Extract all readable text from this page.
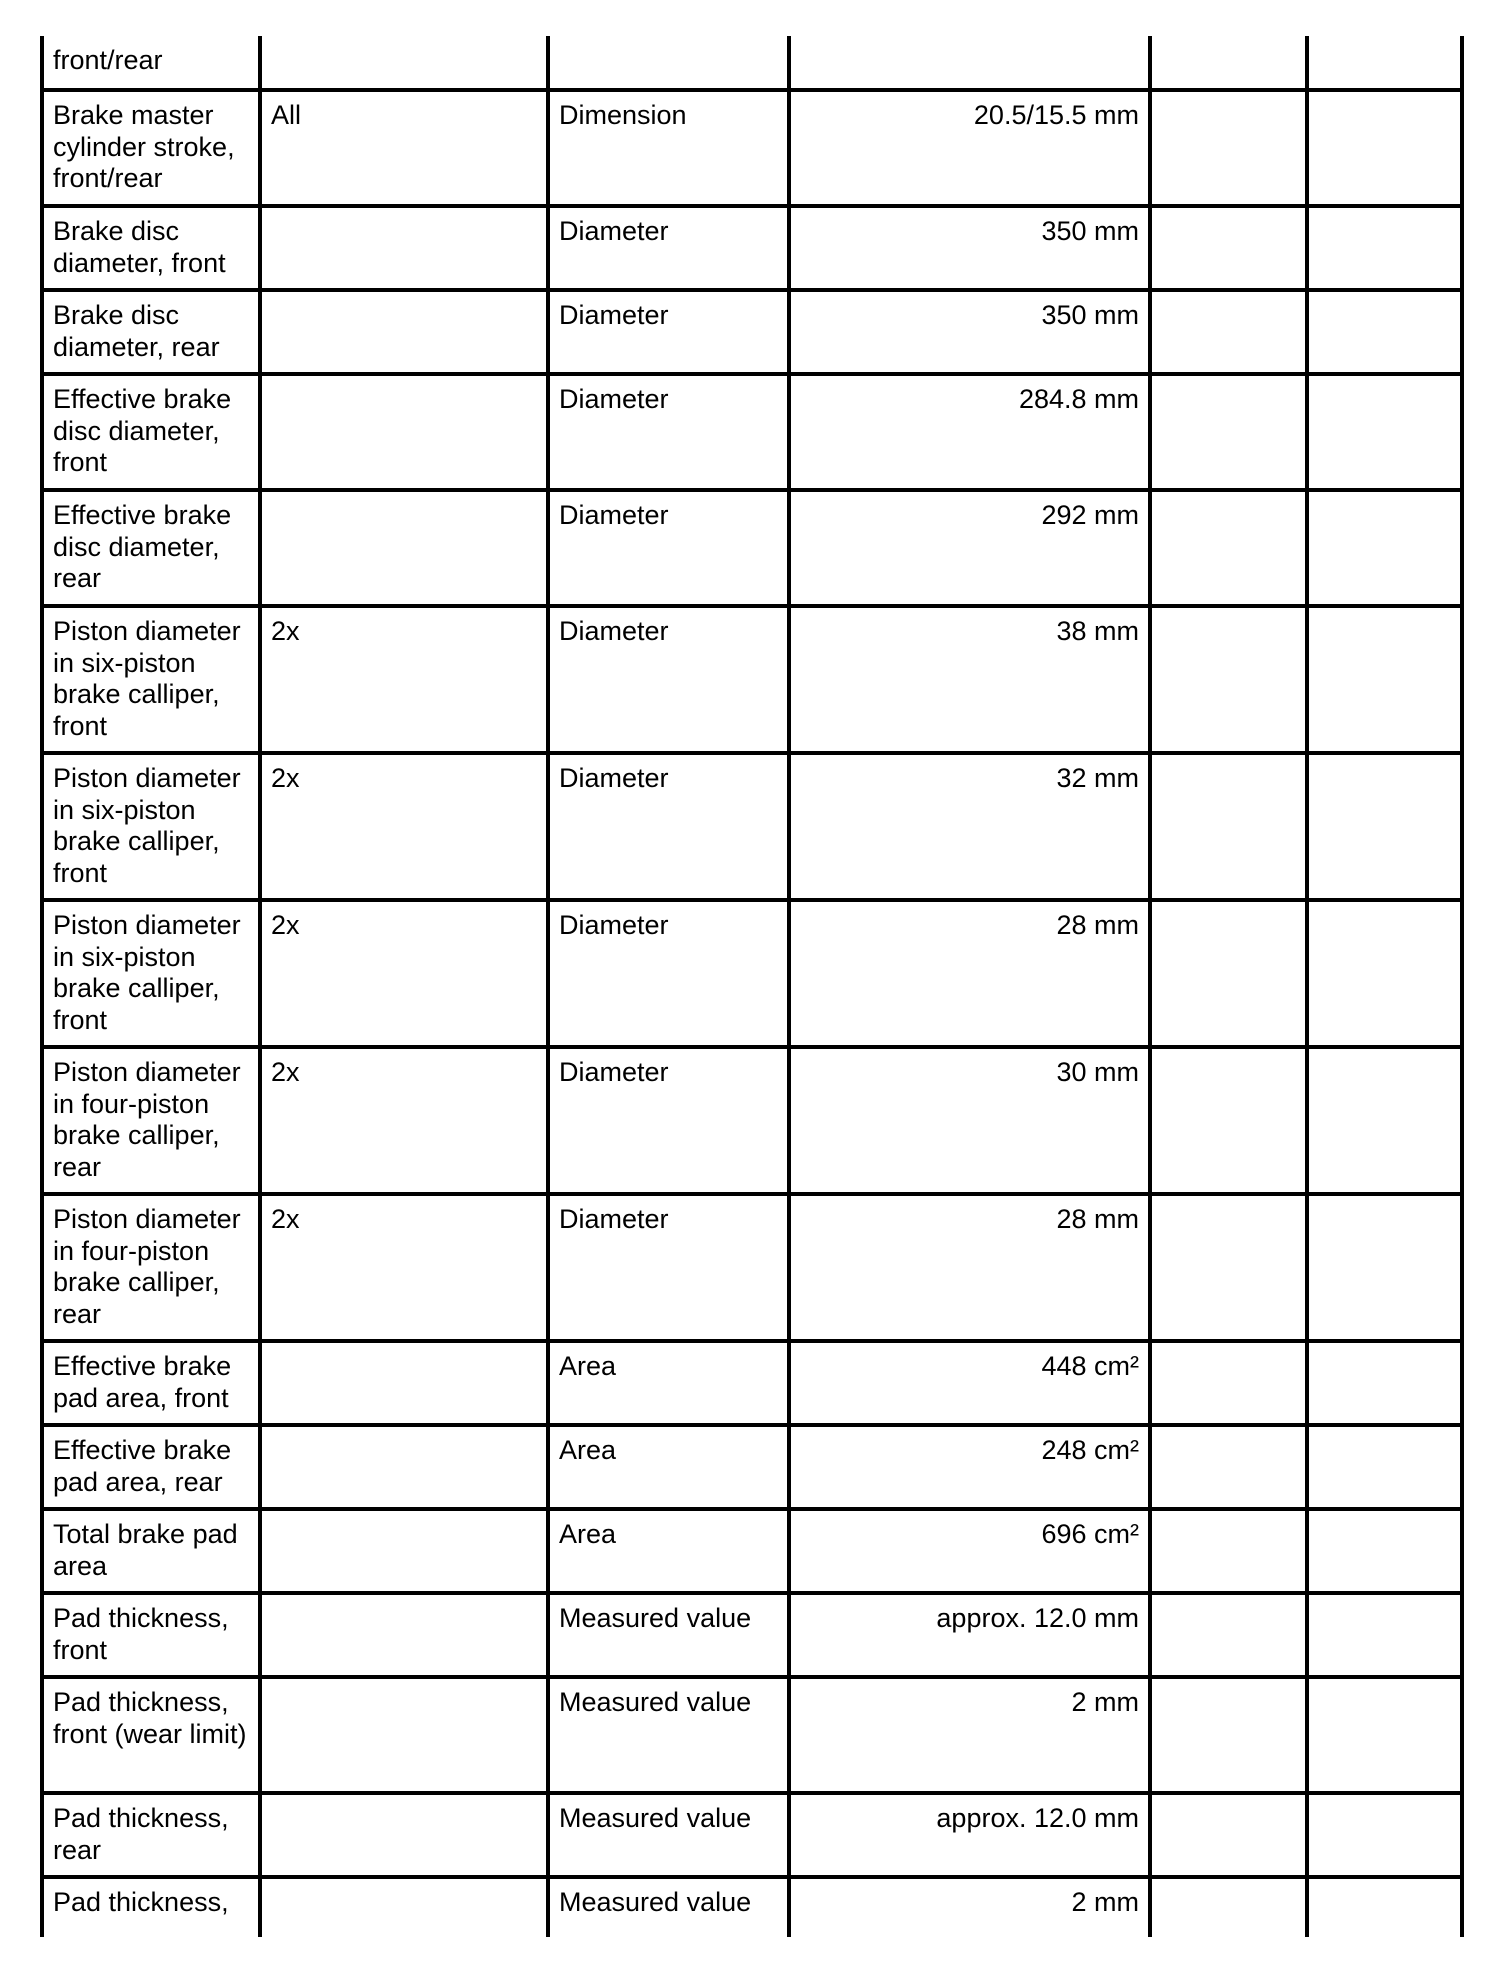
front/rear					
Brake master cylinder stroke, front/rear	All	Dimension	20.5/15.5 mm		
Brake disc diameter, front		Diameter	350 mm		
Brake disc diameter, rear		Diameter	350 mm		
Effective brake disc diameter, front		Diameter	284.8 mm		
Effective brake disc diameter, rear		Diameter	292 mm		
Piston diameter in six-piston brake calliper, front	2x	Diameter	38 mm		
Piston diameter in six-piston brake calliper, front	2x	Diameter	32 mm		
Piston diameter in six-piston brake calliper, front	2x	Diameter	28 mm		
Piston diameter in four-piston brake calliper, rear	2x	Diameter	30 mm		
Piston diameter in four-piston brake calliper, rear	2x	Diameter	28 mm		
Effective brake pad area, front		Area	448 cm²		
Effective brake pad area, rear		Area	248 cm²		
Total brake pad area		Area	696 cm²		
Pad thickness, front		Measured value	approx. 12.0 mm		
Pad thickness, front (wear limit)		Measured value	2 mm		
Pad thickness, rear		Measured value	approx. 12.0 mm		
Pad thickness,		Measured value	2 mm		
